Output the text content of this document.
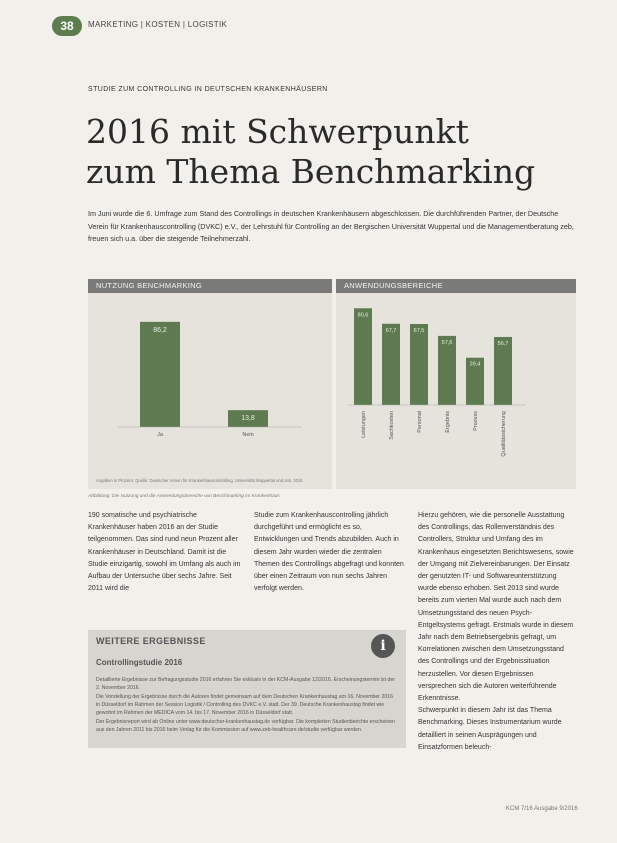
38	MARKETING | KOSTEN | LOGISTIK
STUDIE ZUM CONTROLLING IN DEUTSCHEN KRANKENHÄUSERN
2016 mit Schwerpunkt
zum Thema Benchmarking
Im Juni wurde die 6. Umfrage zum Stand des Controllings in deutschen Krankenhäusern abgeschlossen. Die durchführenden Partner, der Deutsche Verein für Krankenhauscontrolling (DVKC) e.V., der Lehrstuhl für Controlling an der Bergischen Universität Wuppertal und die Managementberatung zeb, freuen sich u.a. über die steigende Teilnehmerzahl.
NUTZUNG BENCHMARKING
86,2
Ja
13,8
Nein
Angaben in Prozent. Quelle: Deutscher Verein für Krankenhauscontrolling, Universität Wuppertal und zeb, 2016
ANWENDUNGSBEREICHE
80,6
Leistungen
67,7
Sachkosten
67,5
Personal
57,6
Ergebnis
39,4
Prozess
56,7
Qualitätssicherung
Abbildung: Die Nutzung und die Anwendungsbereiche von Benchmarking im Krankenhaus
190 somatische und psychiatrische Krankenhäuser haben 2016 an der Studie teilgenommen. Das sind rund neun Prozent aller Krankenhäuser in Deutschland. Damit ist die Studie einzigartig, sowohl im Umfang als auch im Aufbau der Untersuche über sechs Jahre. Seit 2011 wird die
Studie zum Krankenhauscontrolling jährlich durchgeführt und ermöglicht es so, Entwicklungen und Trends abzubilden. Auch in diesem Jahr wurden wieder die zentralen Themen des Controllings abgefragt und konnten über einen Zeitraum von nun sechs Jahren verfolgt werden.
Hierzu gehören, wie die personelle Ausstattung des Controllings, das Rollenverständnis des Controllers, Struktur und Umfang des im Krankenhaus eingesetzten Berichtswesens, sowie der Umgang mit Zielvereinbarungen. Der Einsatz der genutzten IT- und Softwareunterstützung wurde ebenso erhoben. Seit 2013 sind wurde bereits zum vierten Mal wurde auch nach dem Umsetzungsstand des neuen Psych-Entgeltsystems gefragt. Erstmals wurde in diesem Jahr nach dem Betriebsergebnis gefragt, um Korrelationen zwischen dem Umsetzungsstand des Controllings und der Ergebnissituation herzustellen. Vor diesen Ergebnissen versprechen sich die Autoren weiterführende Erkenntnisse.
Schwerpunkt in diesem Jahr ist das Thema Benchmarking. Dieses Instrumentarium wurde detailliert in seinen Ausprägungen und Einsatzformen beleuch-
WEITERE ERGEBNISSE
Controllingstudie 2016
i

Detaillierte Ergebnisse zur Befragungsstudie 2016 erfahren Sie exklusiv in der KCM-Ausgabe 12/2016. Erscheinungstermin ist der 2. November 2016.

Die Vorstellung der Ergebnisse durch die Autoren findet gemeinsam auf dem Deutschen Krankenhaustag am 16. November 2016 in Düsseldorf im Rahmen der Session Logistik / Controlling des DVKC e.V. statt. Der 39. Deutsche Krankenhaustag findet wie gewohnt im Rahmen der MEDICA vom 14. bis 17. November 2016 in Düsseldorf statt.

Der Ergebnisreport wird ab Online unter www.deutscher-krankenhaustag.de verfügbar. Die kompletten Studienberichte erscheinen aus den Jahren 2011 bis 2016 beim Verlag für die Kommission auf www.zeb-healthcare.de/studie verfügbar werden.

KCM 7/16 Ausgabe 9/2016
